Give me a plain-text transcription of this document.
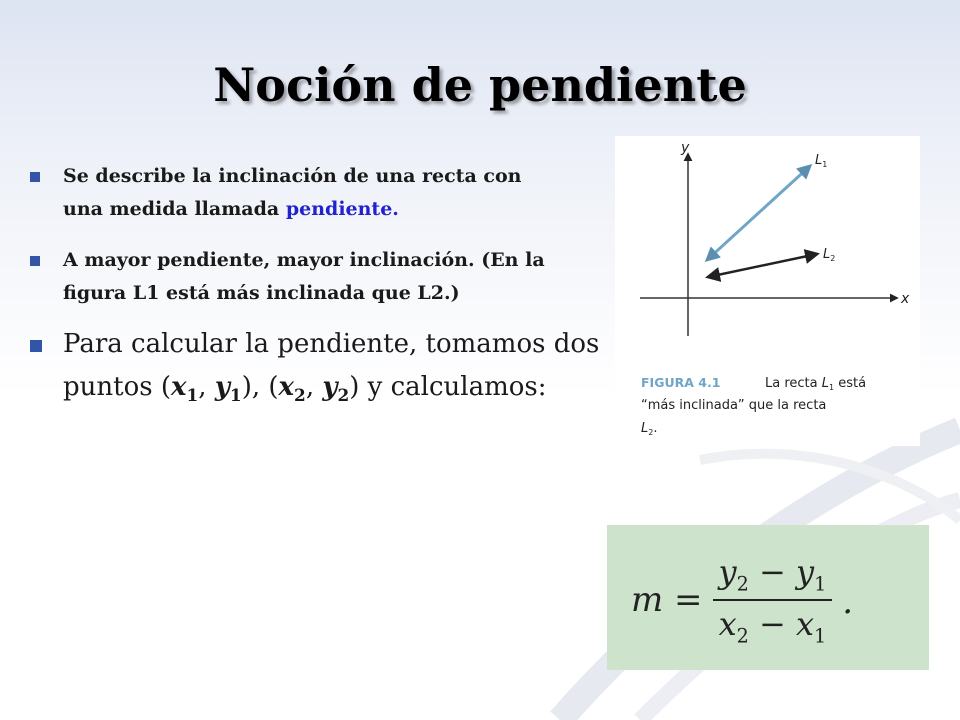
Noción de pendiente
Se describe la inclinación de una recta con una medida llamada pendiente.
A mayor pendiente, mayor inclinación. (En la figura L1 está más inclinada que L2.)
Para calcular la pendiente, tomamos dos puntos ($x_1$, $y_1$), ($x_2$, $y_2$) y calculamos:
y
x
$L_1$
$L_2$
FIGURA 4.1	La recta $L_1$ está
“más inclinada” que la recta
$L_2$.
$m = \frac{y_2 - y_1}{x_2 - x_1}$ .
